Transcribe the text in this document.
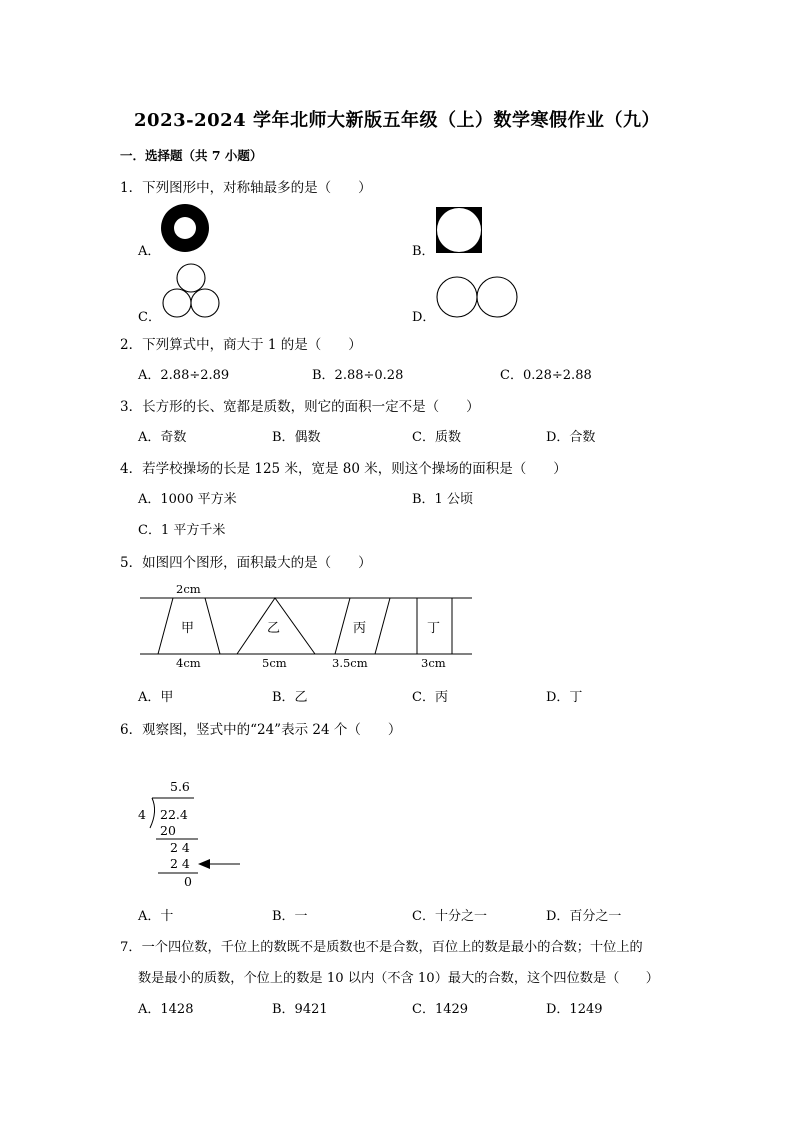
2023-2024 学年北师大新版五年级（上）数学寒假作业（九）
一．选择题（共 7 小题）
1．下列图形中，对称轴最多的是（　　）
A．	B．
C．	D．
2．下列算式中，商大于 1 的是（　　）
A．2.88÷2.89	B．2.88÷0.28	C．0.28÷2.88
3．长方形的长、宽都是质数，则它的面积一定不是（　　）
A．奇数	B．偶数	C．质数	D．合数
4．若学校操场的长是 125 米，宽是 80 米，则这个操场的面积是（　　）
A．1000 平方米	B．1 公顷
C．1 平方千米
5．如图四个图形，面积最大的是（　　）
2cm
甲	乙	丙	丁
4cm	5cm	3.5cm	3cm
A．甲	B．乙	C．丙	D．丁
6．观察图，竖式中的“24”表示 24 个（　　）
5.6
4 22.4
20
2 4
2 4
0
A．十	B．一	C．十分之一	D．百分之一
7．一个四位数，千位上的数既不是质数也不是合数，百位上的数是最小的合数；十位上的
数是最小的质数，个位上的数是 10 以内（不含 10）最大的合数，这个四位数是（　　）
A．1428	B．9421	C．1429	D．1249
